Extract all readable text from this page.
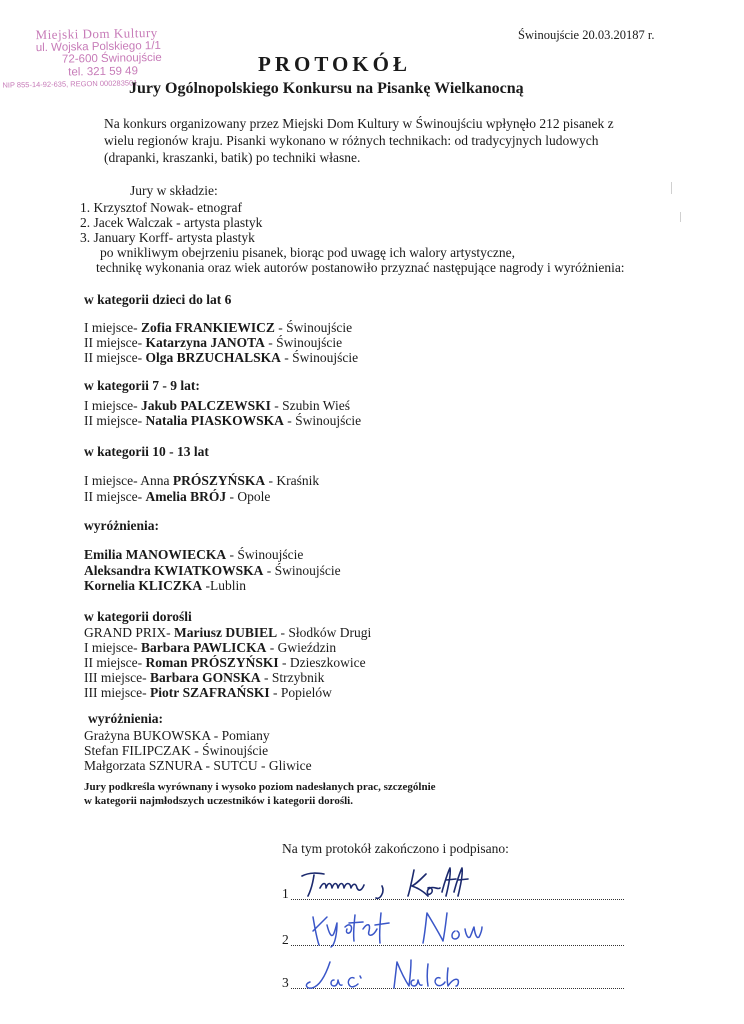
Miejski Dom Kultury
ul. Wojska Polskiego 1/1
72-600 Świnoujście
tel. 321 59 49
NIP 855-14-92-635, REGON 000283501
Świnoujście 20.03.20187 r.
PROTOKÓŁ
Jury Ogólnopolskiego Konkursu na Pisankę Wielkanocną
Na konkurs organizowany przez Miejski Dom Kultury w Świnoujściu wpłynęło 212 pisanek z wielu regionów kraju. Pisanki wykonano w różnych technikach: od tradycyjnych ludowych (drapanki, kraszanki, batik) po techniki własne.
Jury w składzie:
1. Krzysztof Nowak- etnograf
2. Jacek Walczak - artysta plastyk
3. January Korff- artysta plastyk
po wnikliwym obejrzeniu pisanek, biorąc pod uwagę ich walory artystyczne,
technikę wykonania oraz wiek autorów postanowiło przyznać następujące nagrody i wyróżnienia:
w kategorii dzieci do lat 6
I miejsce- Zofia FRANKIEWICZ - Świnoujście
II miejsce- Katarzyna JANOTA - Świnoujście
II miejsce- Olga BRZUCHALSKA - Świnoujście
w kategorii 7 - 9 lat:
I miejsce- Jakub PALCZEWSKI - Szubin Wieś
II miejsce- Natalia PIASKOWSKA - Świnoujście
w kategorii 10 - 13 lat
I miejsce- Anna PRÓSZYŃSKA - Kraśnik
II miejsce- Amelia BRÓJ - Opole
wyróżnienia:
Emilia MANOWIECKA - Świnoujście
Aleksandra KWIATKOWSKA - Świnoujście
Kornelia KLICZKA -Lublin
w kategorii dorośli
GRAND PRIX- Mariusz DUBIEL - Słodków Drugi
I miejsce- Barbara PAWLICKA - Gwieździn
II miejsce- Roman PRÓSZYŃSKI - Dzieszkowice
III miejsce- Barbara GONSKA - Strzybnik
III miejsce- Piotr SZAFRAŃSKI - Popielów
wyróżnienia:
Grażyna BUKOWSKA - Pomiany
Stefan FILIPCZAK - Świnoujście
Małgorzata SZNURA - SUTCU - Gliwice
Jury podkreśla wyrównany i wysoko poziom nadesłanych prac, szczególnie
w kategorii najmłodszych uczestników i kategorii dorośli.
Na tym protokół zakończono i podpisano:
1
2
3
